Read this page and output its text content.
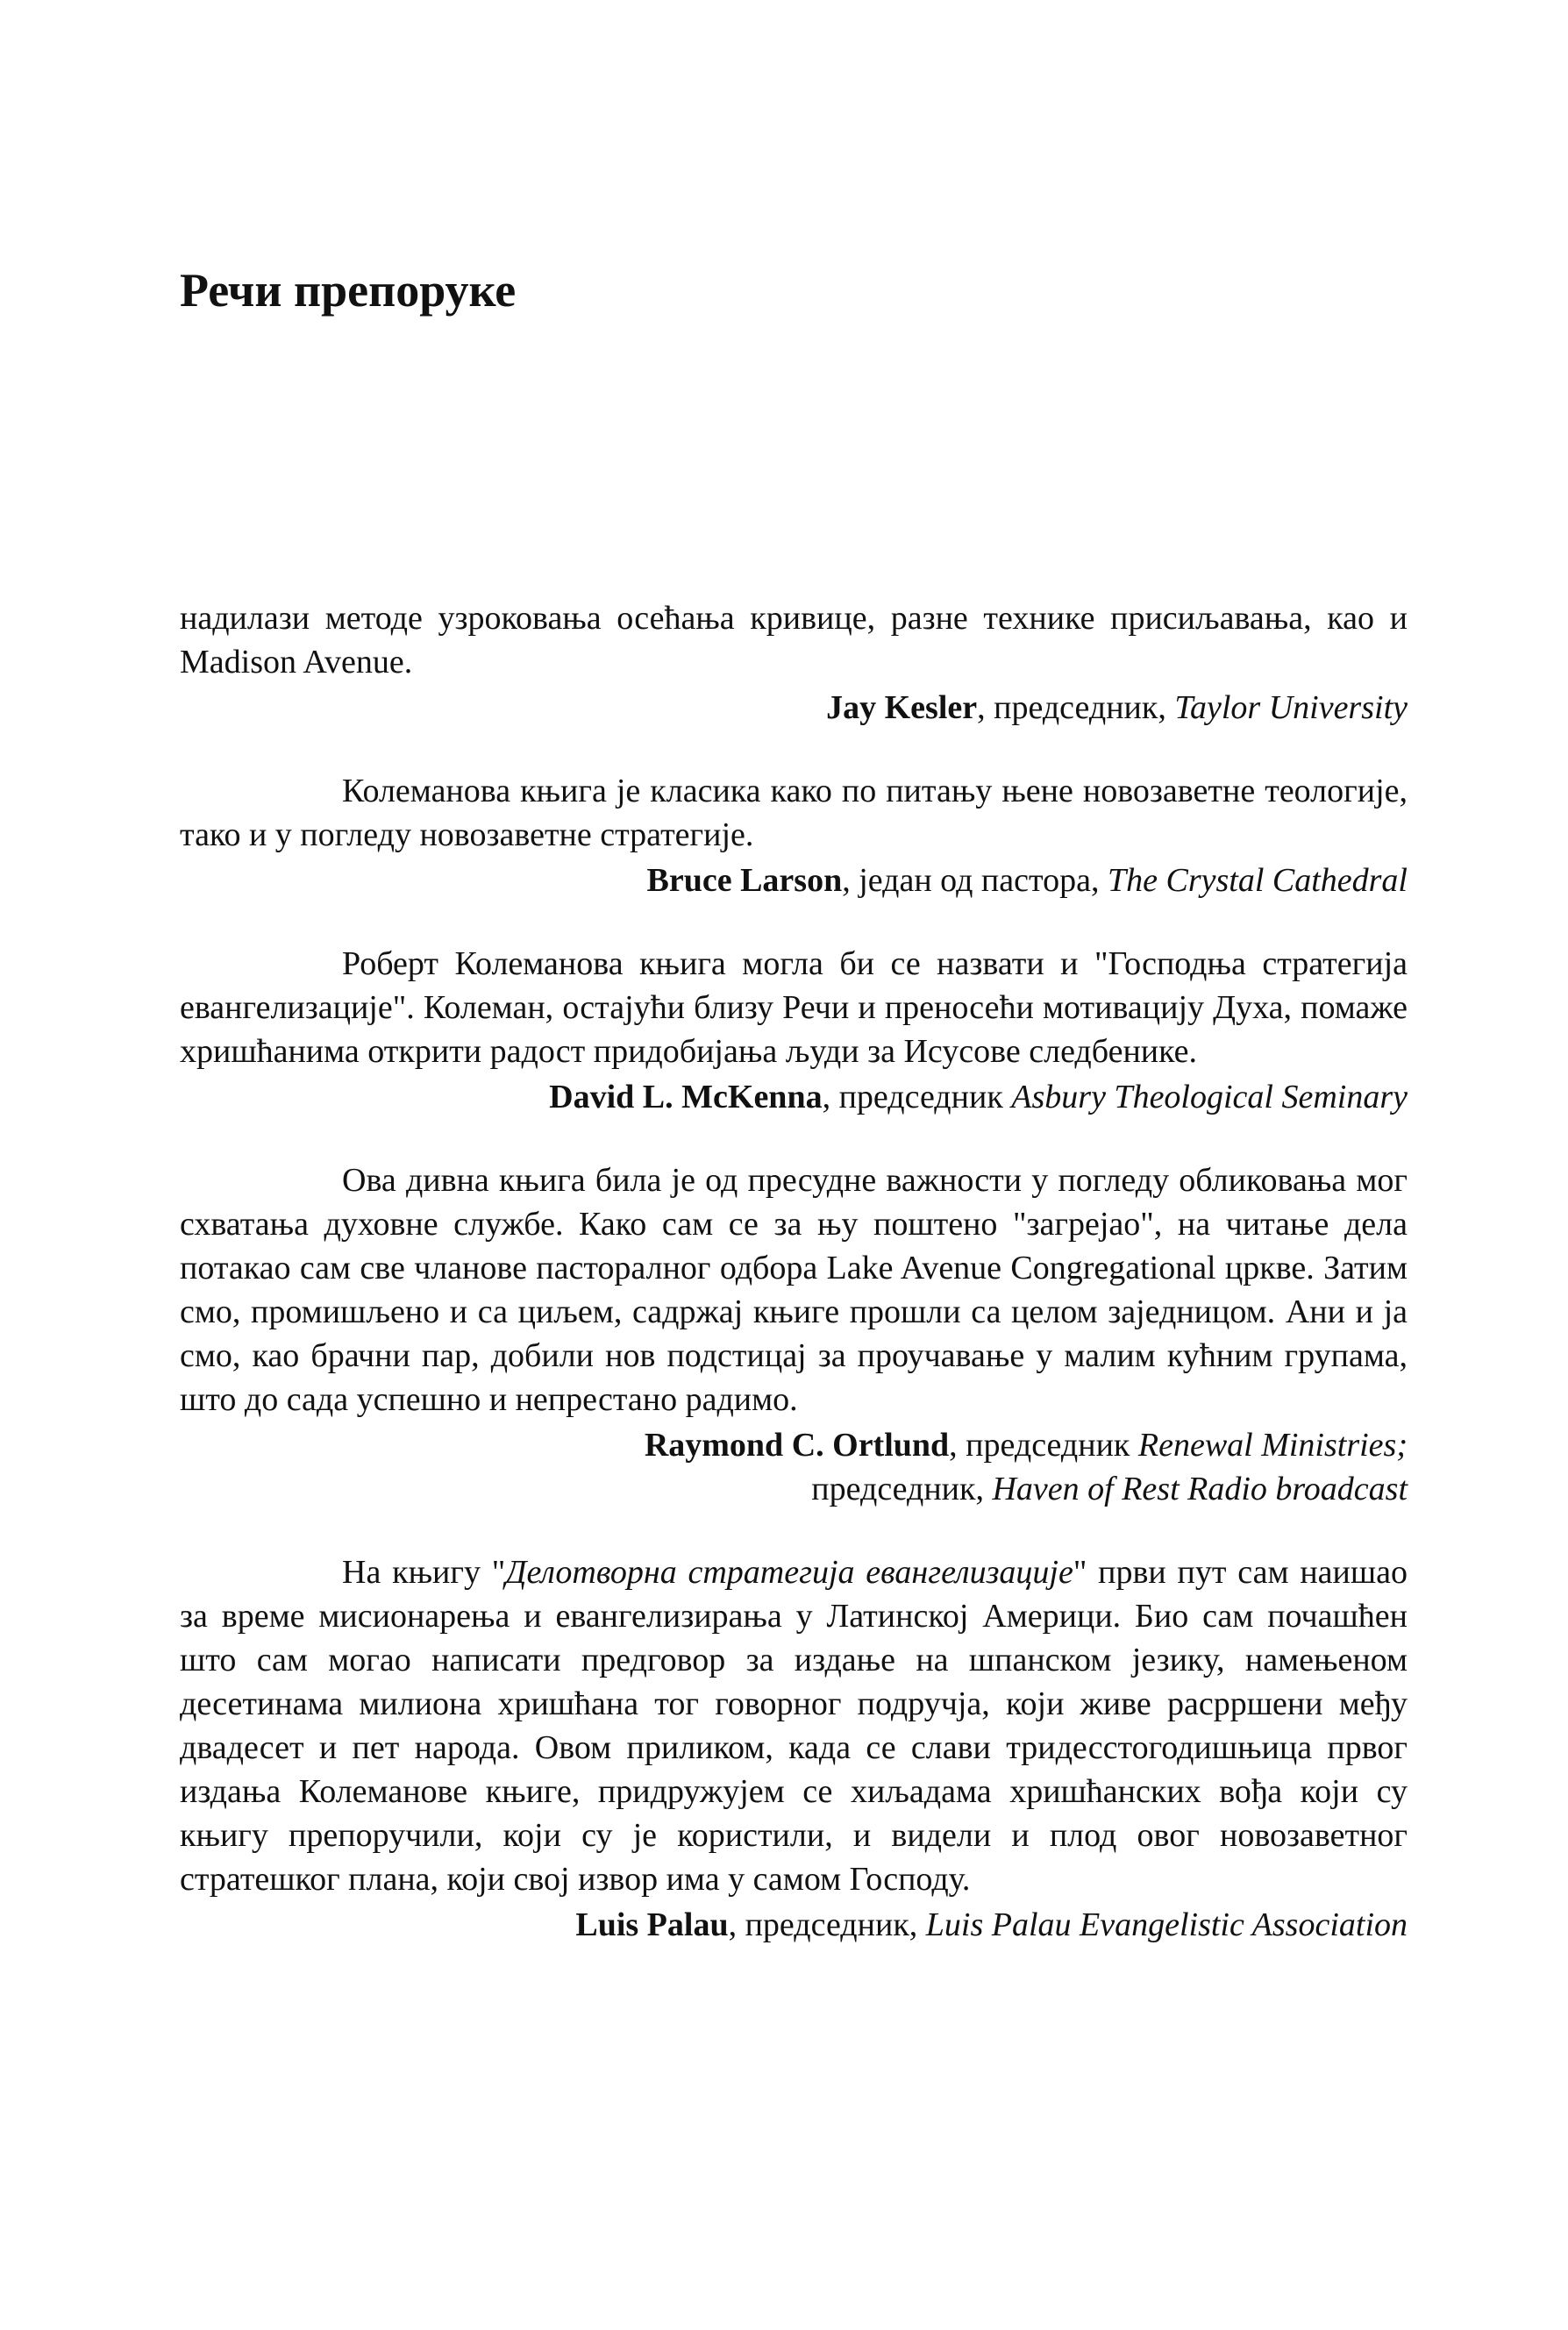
Речи препоруке

надилази методе узроковања осећања кривице, разне технике присиљавања, као и Madison Avenue.

Jay Kesler, председник, Taylor University

Колеманова књига је класика како по питању њене новозаветне теологије, тако и у погледу новозаветне стратегије.

Bruce Larson, један од пастора, The Crystal Cathedral

Роберт Колеманова књига могла би се назвати и "Господња стратегија евангелизације". Колеман, остајући близу Речи и преносећи мотивацију Духа, помаже хришћанима открити радост придобијања људи за Исусове следбенике.

David L. McKenna, председник Asbury Theological Seminary

Ова дивна књига била је од пресудне важности у погледу обликовања мог схватања духовне службе. Како сам се за њу поштено "загрејао", на читање дела потакао сам све чланове пасторалног одбора Lake Avenue Congregational цркве. Затим смо, промишљено и са циљем, садржај књиге прошли са целом заједницом. Ани и ја смо, као брачни пар, добили нов подстицај за проучавање у малим кућним групама, што до сада успешно и непрестано радимо.

Raymond C. Ortlund, председник Renewal Ministries;

председник, Haven of Rest Radio broadcast

На књигу "Делотворна стратегија евангелизације" први пут сам наишао за време мисионарења и евангелизирања у Латинској Америци. Био сам почашћен што сам могао написати предговор за издање на шпанском језику, намењеном десетинама милиона хришћана тог говорног подручја, који живе расpршени међу двадесет и пет народа. Овом приликом, када се слави тридесстогодишњица првог издања Колеманове књиге, придружујем се хиљадама хришћанских вођа који су књигу препоручили, који су је користили, и видели и плод овог новозаветног стратешког плана, који свој извор има у самом Господу.

Luis Palau, председник, Luis Palau Evangelistic Association
